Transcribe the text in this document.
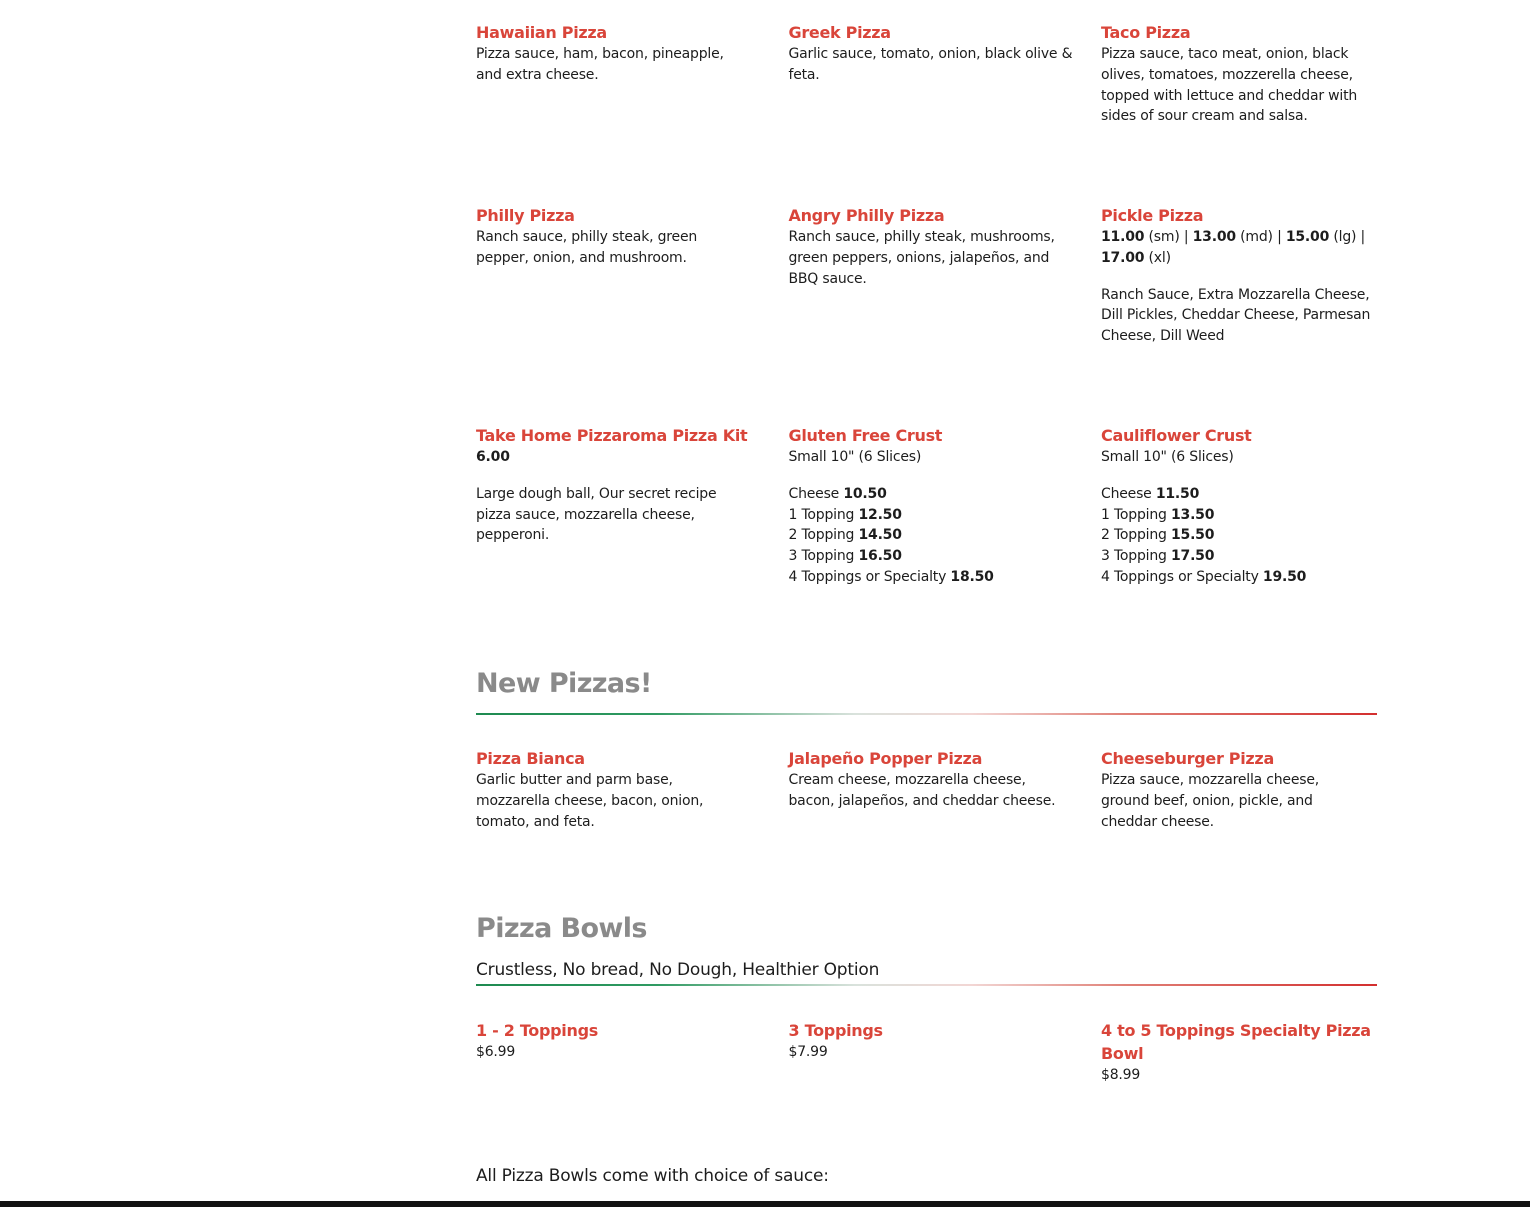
Hawaiian Pizza

Pizza sauce, ham, bacon, pineapple, and extra cheese.

Greek Pizza

Garlic sauce, tomato, onion, black olive & feta.

Taco Pizza

Pizza sauce, taco meat, onion, black olives, tomatoes, mozzerella cheese, topped with lettuce and cheddar with sides of sour cream and salsa.

Philly Pizza

Ranch sauce, philly steak, green pepper, onion, and mushroom.

Angry Philly Pizza

Ranch sauce, philly steak, mushrooms, green peppers, onions, jalapeños, and BBQ sauce.

Pickle Pizza

11.00 (sm) | 13.00 (md) | 15.00 (lg) | 17.00 (xl)

Ranch Sauce, Extra Mozzarella Cheese, Dill Pickles, Cheddar Cheese, Parmesan Cheese, Dill Weed

Take Home Pizzaroma Pizza Kit

6.00

Large dough ball, Our secret recipe pizza sauce, mozzarella cheese, pepperoni.

Gluten Free Crust

Small 10" (6 Slices)

Cheese 10.50
1 Topping 12.50
2 Topping 14.50
3 Topping 16.50
4 Toppings or Specialty 18.50
Cauliflower Crust

Small 10" (6 Slices)

Cheese 11.50
1 Topping 13.50
2 Topping 15.50
3 Topping 17.50
4 Toppings or Specialty 19.50
New Pizzas!
Pizza Bianca

Garlic butter and parm base, mozzarella cheese, bacon, onion, tomato, and feta.

Jalapeño Popper Pizza

Cream cheese, mozzarella cheese, bacon, jalapeños, and cheddar cheese.

Cheeseburger Pizza

Pizza sauce, mozzarella cheese, ground beef, onion, pickle, and cheddar cheese.

Pizza Bowls

Crustless, No bread, No Dough, Healthier Option

1 - 2 Toppings

$6.99

3 Toppings

$7.99

4 to 5 Toppings Specialty Pizza Bowl

$8.99

All Pizza Bowls come with choice of sauce:
